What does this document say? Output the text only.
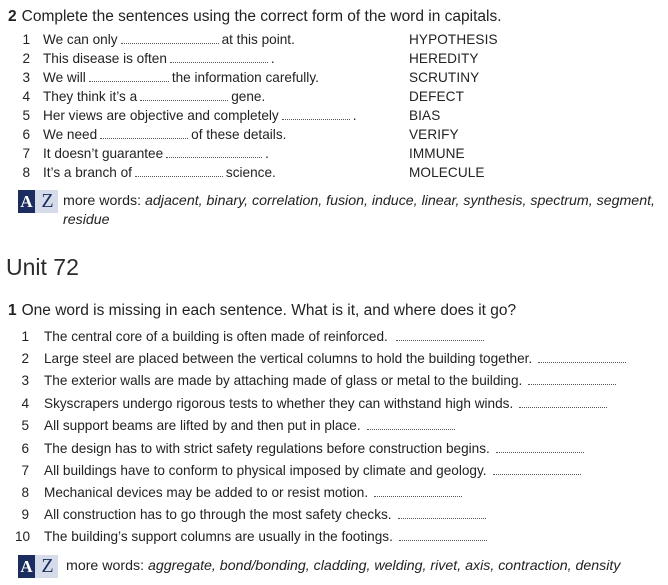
2 Complete the sentences using the correct form of the word in capitals.
1 We can only	at this point.	HYPOTHESIS
2 This disease is often	.	HEREDITY
3 We will	the information carefully.	SCRUTINY
4 They think it’s a	gene.	DEFECT
5 Her views are objective and completely	.	BIAS
6 We need	of these details.	VERIFY
7 It doesn’t guarantee	.	IMMUNE
8 It’s a branch of	science.	MOLECULE
A Z more words: adjacent, binary, correlation, fusion, induce, linear, synthesis, spectrum, segment,
residue
Unit 72
1 One word is missing in each sentence. What is it, and where does it go?
1 The central core of a building is often made of reinforced.
2 Large steel are placed between the vertical columns to hold the building together.
3 The exterior walls are made by attaching made of glass or metal to the building.
4 Skyscrapers undergo rigorous tests to whether they can withstand high winds.
5 All support beams are lifted by and then put in place.
6 The design has to with strict safety regulations before construction begins.
7 All buildings have to conform to physical imposed by climate and geology.
8 Mechanical devices may be added to or resist motion.
9 All construction has to go through the most safety checks.
10 The building’s support columns are usually in the footings.
A Z more words: aggregate, bond/bonding, cladding, welding, rivet, axis, contraction, density
